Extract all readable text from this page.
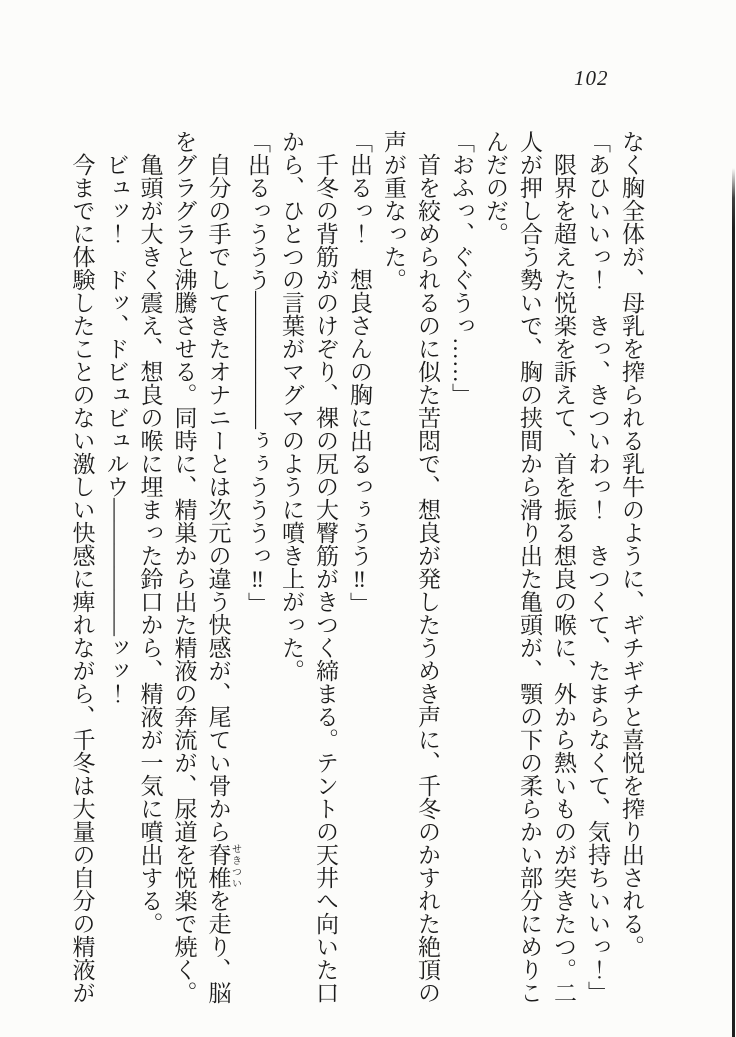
102

なく胸全体が、母乳を搾られる乳牛のように、ギチギチと喜悦を搾り出される。

「あひいいっ！　きっ、きついわっ！　きつくて、たまらなくて、気持ちいいっ！」

限界を超えた悦楽を訴えて、首を振る想良の喉に、外から熱いものが突きたつ。二人が押し合う勢いで、胸の挟間から滑り出た亀頭が、顎の下の柔らかい部分にめりこんだのだ。

「おふっ、ぐぐうっ……」

首を絞められるのに似た苦悶で、想良が発したうめき声に、千冬のかすれた絶頂の声が重なった。

「出るっ！　想良さんの胸に出るっぅうう‼」

千冬の背筋がのけぞり、裸の尻の大臀筋がきつく締まる。テントの天井へ向いた口から、ひとつの言葉がマグマのように噴き上がった。

「出るっううう――――――ぅぅうううっ‼」

自分の手でしてきたオナニーとは次元の違う快感が、尾てい骨から脊椎 せきついを走り、脳をグラグラと沸騰させる。同時に、精巣から出た精液の奔流が、尿道を悦楽で焼く。

亀頭が大きく震え、想良の喉に埋まった鈴口から、精液が一気に噴出する。

ビュッ！　ドッ、ドビュビュルウ――――――ッッ！

今までに体験したことのない激しい快感に痺れながら、千冬は大量の自分の精液が
